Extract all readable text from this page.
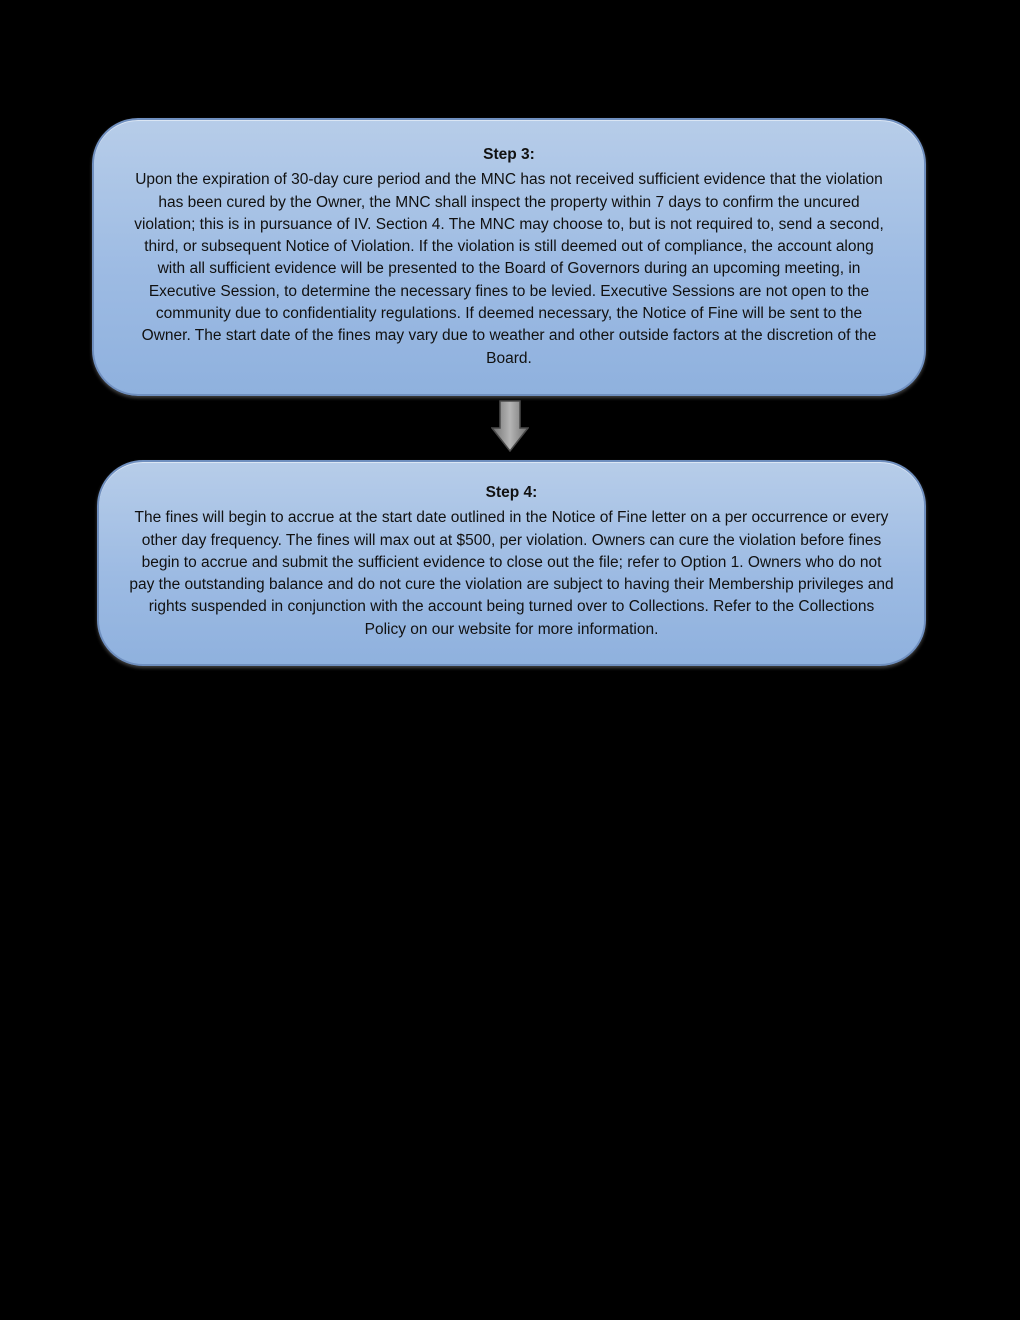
Step 3:

Upon the expiration of 30-day cure period and the MNC has not received sufficient evidence that the violation has been cured by the Owner, the MNC shall inspect the property within 7 days to confirm the uncured violation; this is in pursuance of IV. Section 4. The MNC may choose to, but is not required to, send a second, third, or subsequent Notice of Violation. If the violation is still deemed out of compliance, the account along with all sufficient evidence will be presented to the Board of Governors during an upcoming meeting, in Executive Session, to determine the necessary fines to be levied. Executive Sessions are not open to the community due to confidentiality regulations. If deemed necessary, the Notice of Fine will be sent to the Owner. The start date of the fines may vary due to weather and other outside factors at the discretion of the Board.

Step 4:

The fines will begin to accrue at the start date outlined in the Notice of Fine letter on a per occurrence or every other day frequency. The fines will max out at $500, per violation. Owners can cure the violation before fines begin to accrue and submit the sufficient evidence to close out the file; refer to Option 1. Owners who do not pay the outstanding balance and do not cure the violation are subject to having their Membership privileges and rights suspended in conjunction with the account being turned over to Collections. Refer to the Collections Policy on our website for more information.
